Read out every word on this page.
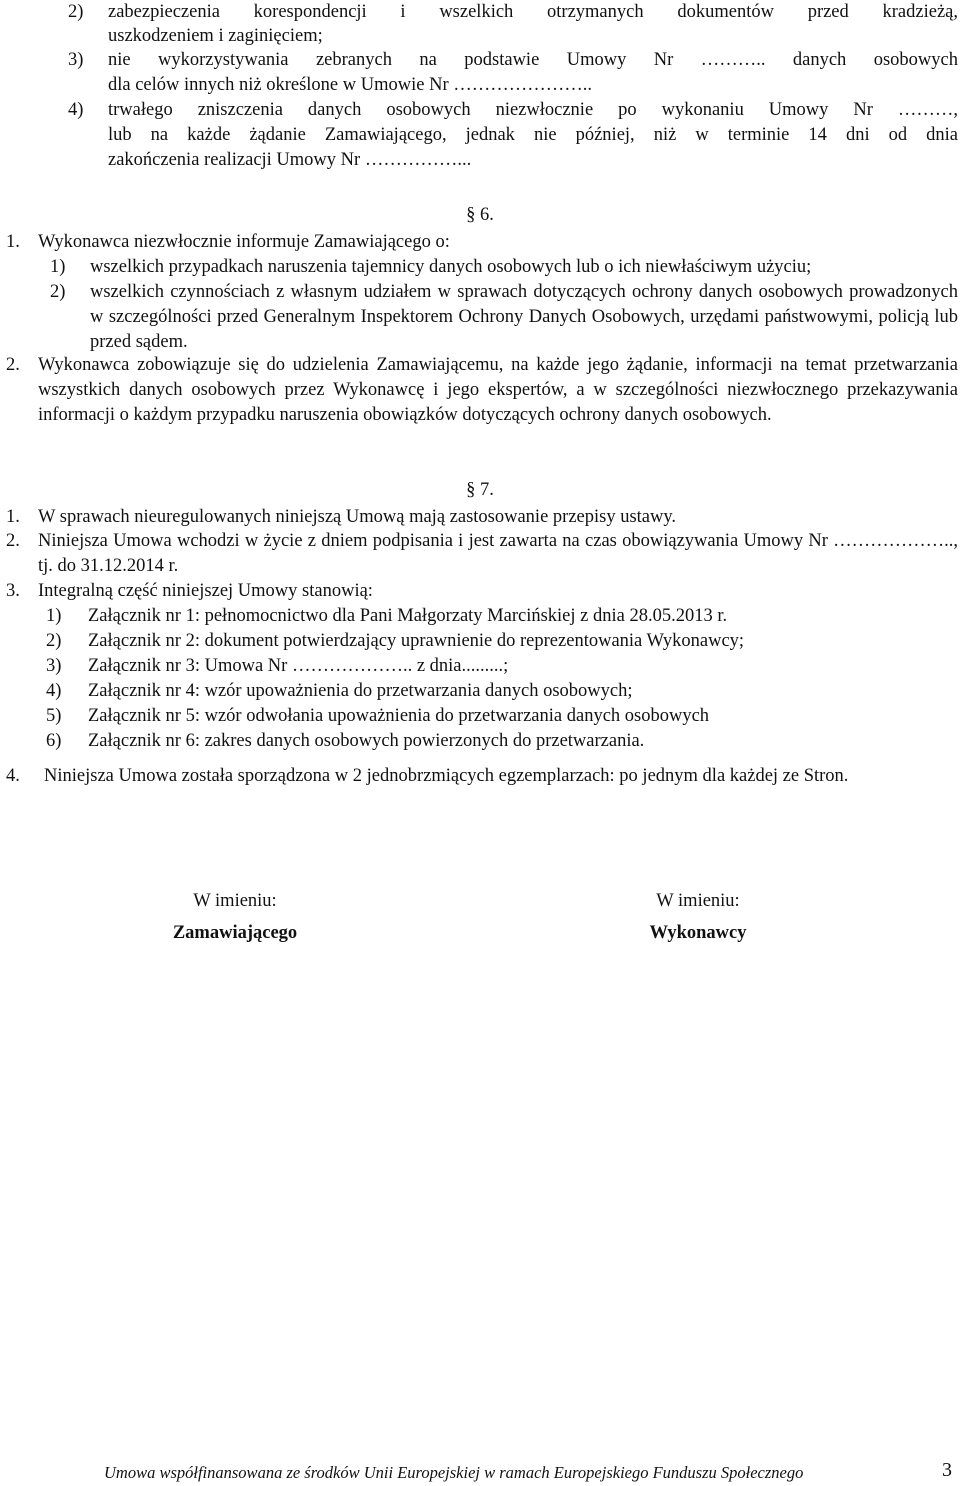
2) zabezpieczenia korespondencji i wszelkich otrzymanych dokumentów przed kradzieżą,
uszkodzeniem i zaginięciem;
3) nie wykorzystywania zebranych na podstawie Umowy Nr ……….. danych osobowych
dla celów innych niż określone w Umowie Nr …………………..
4) trwałego zniszczenia danych osobowych niezwłocznie po wykonaniu Umowy Nr ………,
lub na każde żądanie Zamawiającego, jednak nie później, niż w terminie 14 dni od dnia
zakończenia realizacji Umowy Nr ……………...
§ 6.
1. Wykonawca niezwłocznie informuje Zamawiającego o:
1) wszelkich przypadkach naruszenia tajemnicy danych osobowych lub o ich niewłaściwym użyciu;
2) wszelkich czynnościach z własnym udziałem w sprawach dotyczących ochrony danych osobowych prowadzonych w szczególności przed Generalnym Inspektorem Ochrony Danych Osobowych, urzędami państwowymi, policją lub przed sądem.
2. Wykonawca zobowiązuje się do udzielenia Zamawiającemu, na każde jego żądanie, informacji na temat przetwarzania wszystkich danych osobowych przez Wykonawcę i jego ekspertów, a w szczególności niezwłocznego przekazywania informacji o każdym przypadku naruszenia obowiązków dotyczących ochrony danych osobowych.
§ 7.
1. W sprawach nieuregulowanych niniejszą Umową mają zastosowanie przepisy ustawy.
2. Niniejsza Umowa wchodzi w życie z dniem podpisania i jest zawarta na czas obowiązywania Umowy Nr ……………….., tj. do 31.12.2014 r.
3. Integralną część niniejszej Umowy stanowią:
1) Załącznik nr 1: pełnomocnictwo dla Pani Małgorzaty Marcińskiej z dnia 28.05.2013 r.
2) Załącznik nr 2: dokument potwierdzający uprawnienie do reprezentowania Wykonawcy;
3) Załącznik nr 3: Umowa Nr ……………….. z dnia.........;
4) Załącznik nr 4: wzór upoważnienia do przetwarzania danych osobowych;
5) Załącznik nr 5: wzór odwołania upoważnienia do przetwarzania danych osobowych
6) Załącznik nr 6: zakres danych osobowych powierzonych do przetwarzania.
4. Niniejsza Umowa została sporządzona w 2 jednobrzmiących egzemplarzach: po jednym dla każdej ze Stron.
W imieniu:
Zamawiającego
W imieniu:
Wykonawcy
Umowa współfinansowana ze środków Unii Europejskiej w ramach Europejskiego Funduszu Społecznego	3
